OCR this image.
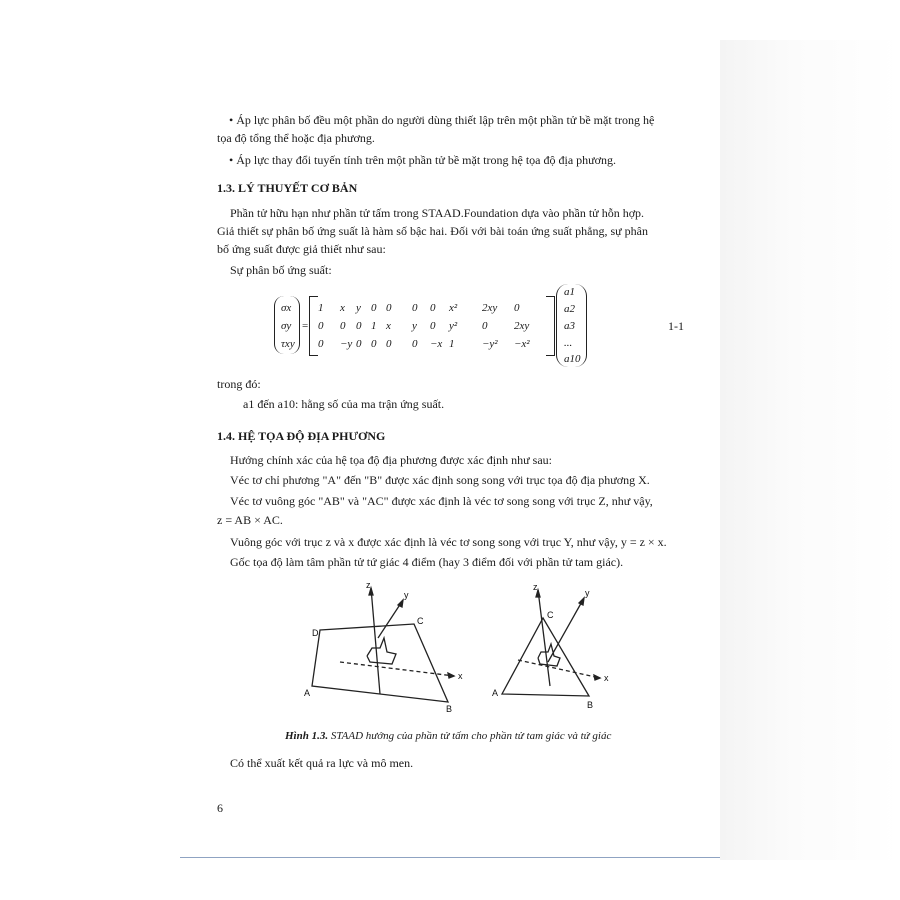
• Áp lực phân bố đều một phần do người dùng thiết lập trên một phần tử bề mặt trong hệ
tọa độ tổng thể hoặc địa phương.
• Áp lực thay đổi tuyến tính trên một phần tử bề mặt trong hệ tọa độ địa phương.
1.3. LÝ THUYẾT CƠ BẢN
Phần tử hữu hạn như phần tử tấm trong STAAD.Foundation dựa vào phần tử hỗn hợp.
Giả thiết sự phân bố ứng suất là hàm số bậc hai. Đối với bài toán ứng suất phẳng, sự phân
bố ứng suất được giả thiết như sau:
Sự phân bố ứng suất:
σx
σy
τxy
=
1 x y 0 0 0 0 x² 2xy 0
0 0 0 1 x y 0 y² 0 2xy
0 −y 0 0 0 0 −x 1	−y² −x²
a1
a2
a3
...
a10
1-1
trong đó:
a1 đến a10: hằng số của ma trận ứng suất.
1.4. HỆ TỌA ĐỘ ĐỊA PHƯƠNG
Hướng chính xác của hệ tọa độ địa phương được xác định như sau:
Véc tơ chỉ phương "A" đến "B" được xác định song song với trục tọa độ địa phương X.
Véc tơ vuông góc "AB" và "AC" được xác định là véc tơ song song với trục Z, như vậy,
z = AB × AC.
Vuông góc với trục z và x được xác định là véc tơ song song với trục Y, như vậy, y = z × x.
Gốc tọa độ làm tâm phần tử tứ giác 4 điểm (hay 3 điểm đối với phần tử tam giác).
z
y
x
D
C
A
B
z
y
x
C
A
B
Hình 1.3. STAAD hướng của phần tử tấm cho phần tử tam giác và tứ giác
Có thể xuất kết quả ra lực và mô men.
6
